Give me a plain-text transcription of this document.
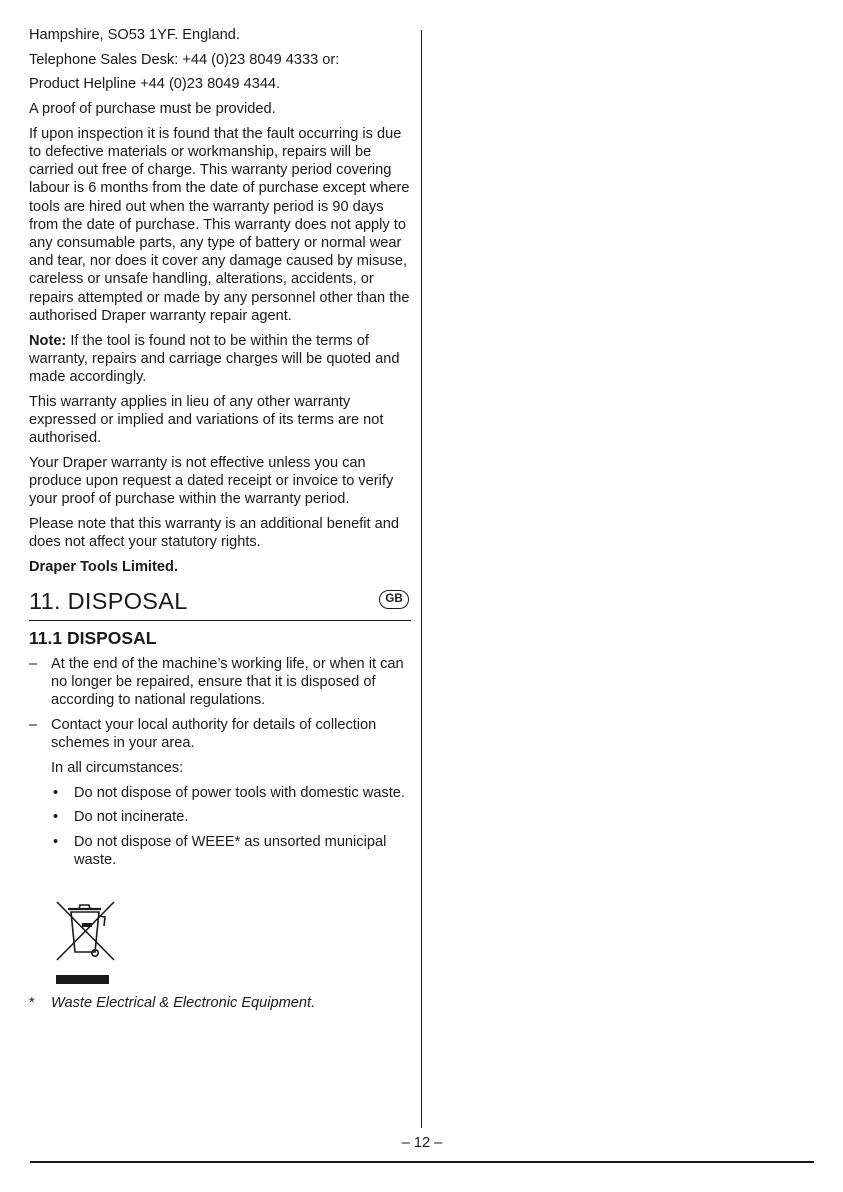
Hampshire, SO53 1YF. England.

Telephone Sales Desk: +44 (0)23 8049 4333 or:

Product Helpline +44 (0)23 8049 4344.

A proof of purchase must be provided.

If upon inspection it is found that the fault occurring is due to defective materials or workmanship, repairs will be carried out free of charge. This warranty period covering labour is 6 months from the date of purchase except where tools are hired out when the warranty period is 90 days from the date of purchase. This warranty does not apply to any consumable parts, any type of battery or normal wear and tear, nor does it cover any damage caused by misuse, careless or unsafe handling, alterations, accidents, or repairs attempted or made by any personnel other than the authorised Draper warranty repair agent.

Note: If the tool is found not to be within the terms of warranty, repairs and carriage charges will be quoted and made accordingly.

This warranty applies in lieu of any other warranty expressed or implied and variations of its terms are not authorised.

Your Draper warranty is not effective unless you can produce upon request a dated receipt or invoice to verify your proof of purchase within the warranty period.

Please note that this warranty is an additional benefit and does not affect your statutory rights.

Draper Tools Limited.

11. DISPOSAL	GB
11.1 DISPOSAL
– At the end of the machine’s working life, or when it can no longer be repaired, ensure that it is disposed of according to national regulations.
– Contact your local authority for details of collection schemes in your area.
In all circumstances:
• Do not dispose of power tools with domestic waste.
• Do not incinerate.
• Do not dispose of WEEE* as unsorted municipal waste.
* Waste Electrical & Electronic Equipment.
– 12 –
